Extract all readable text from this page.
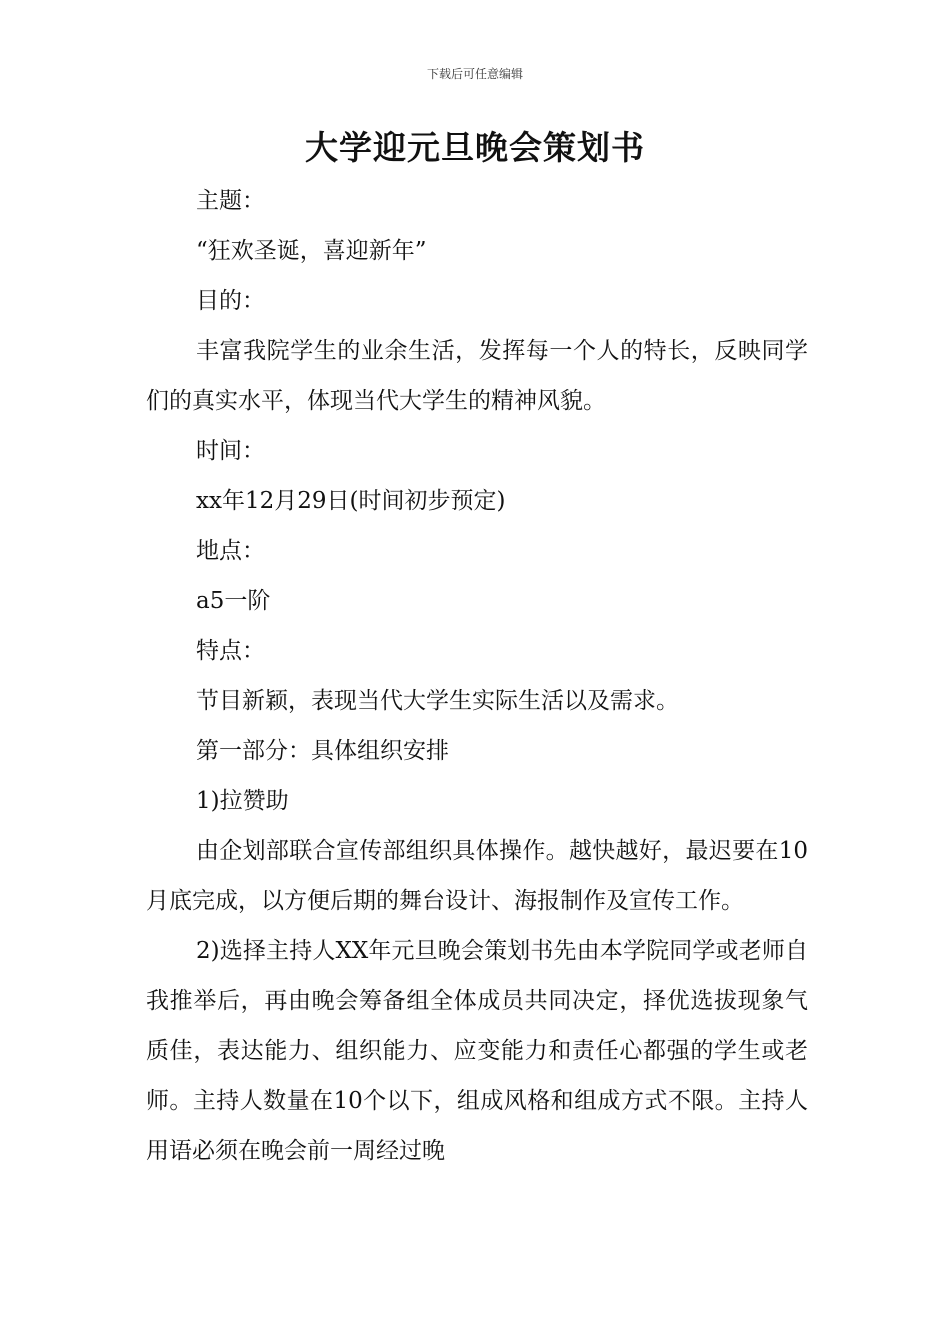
下载后可任意编辑
大学迎元旦晚会策划书

主题：

“狂欢圣诞，喜迎新年”

目的：

丰富我院学生的业余生活，发挥每一个人的特长，反映同学们的真实水平，体现当代大学生的精神风貌。

时间：

xx年12月29日(时间初步预定)

地点：

a5一阶

特点：

节目新颖，表现当代大学生实际生活以及需求。

第一部分：具体组织安排

1)拉赞助

由企划部联合宣传部组织具体操作。越快越好，最迟要在10月底完成，以方便后期的舞台设计、海报制作及宣传工作。

2)选择主持人XX年元旦晚会策划书先由本学院同学或老师自我推举后，再由晚会筹备组全体成员共同决定，择优选拔现象气质佳，表达能力、组织能力、应变能力和责任心都强的学生或老师。主持人数量在10个以下，组成风格和组成方式不限。主持人用语必须在晚会前一周经过晚
